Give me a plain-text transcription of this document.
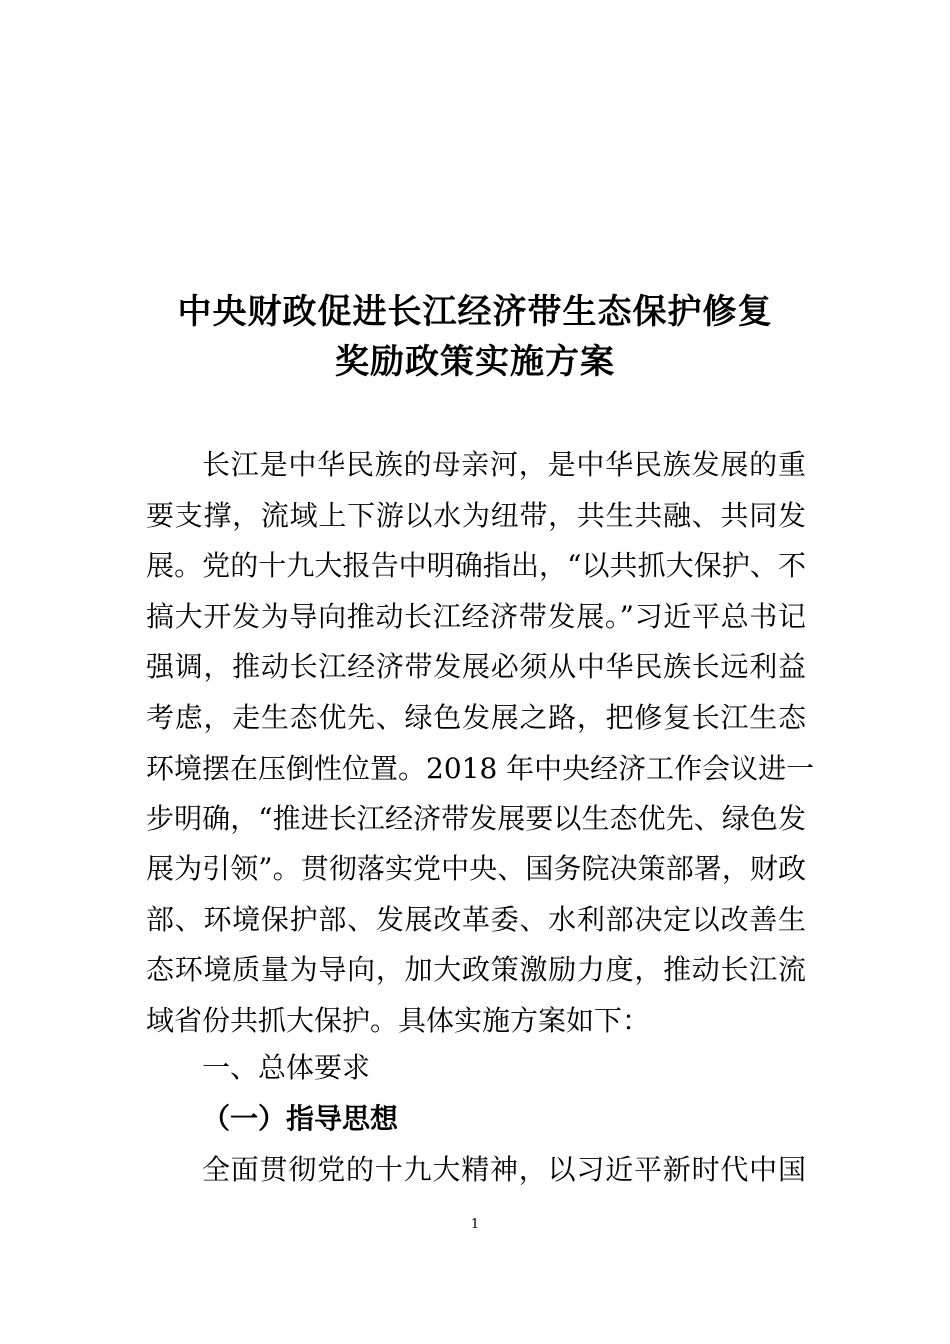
中央财政促进长江经济带生态保护修复
奖励政策实施方案
长江是中华民族的母亲河，是中华民族发展的重
要支撑，流域上下游以水为纽带，共生共融、共同发
展。党的十九大报告中明确指出，“以共抓大保护、不
搞大开发为导向推动长江经济带发展。”习近平总书记
强调，推动长江经济带发展必须从中华民族长远利益
考虑，走生态优先、绿色发展之路，把修复长江生态
环境摆在压倒性位置。2018 年中央经济工作会议进一
步明确，“推进长江经济带发展要以生态优先、绿色发
展为引领”。贯彻落实党中央、国务院决策部署，财政
部、环境保护部、发展改革委、水利部决定以改善生
态环境质量为导向，加大政策激励力度，推动长江流
域省份共抓大保护。具体实施方案如下：
一、总体要求
（一）指导思想
全面贯彻党的十九大精神，以习近平新时代中国
1
